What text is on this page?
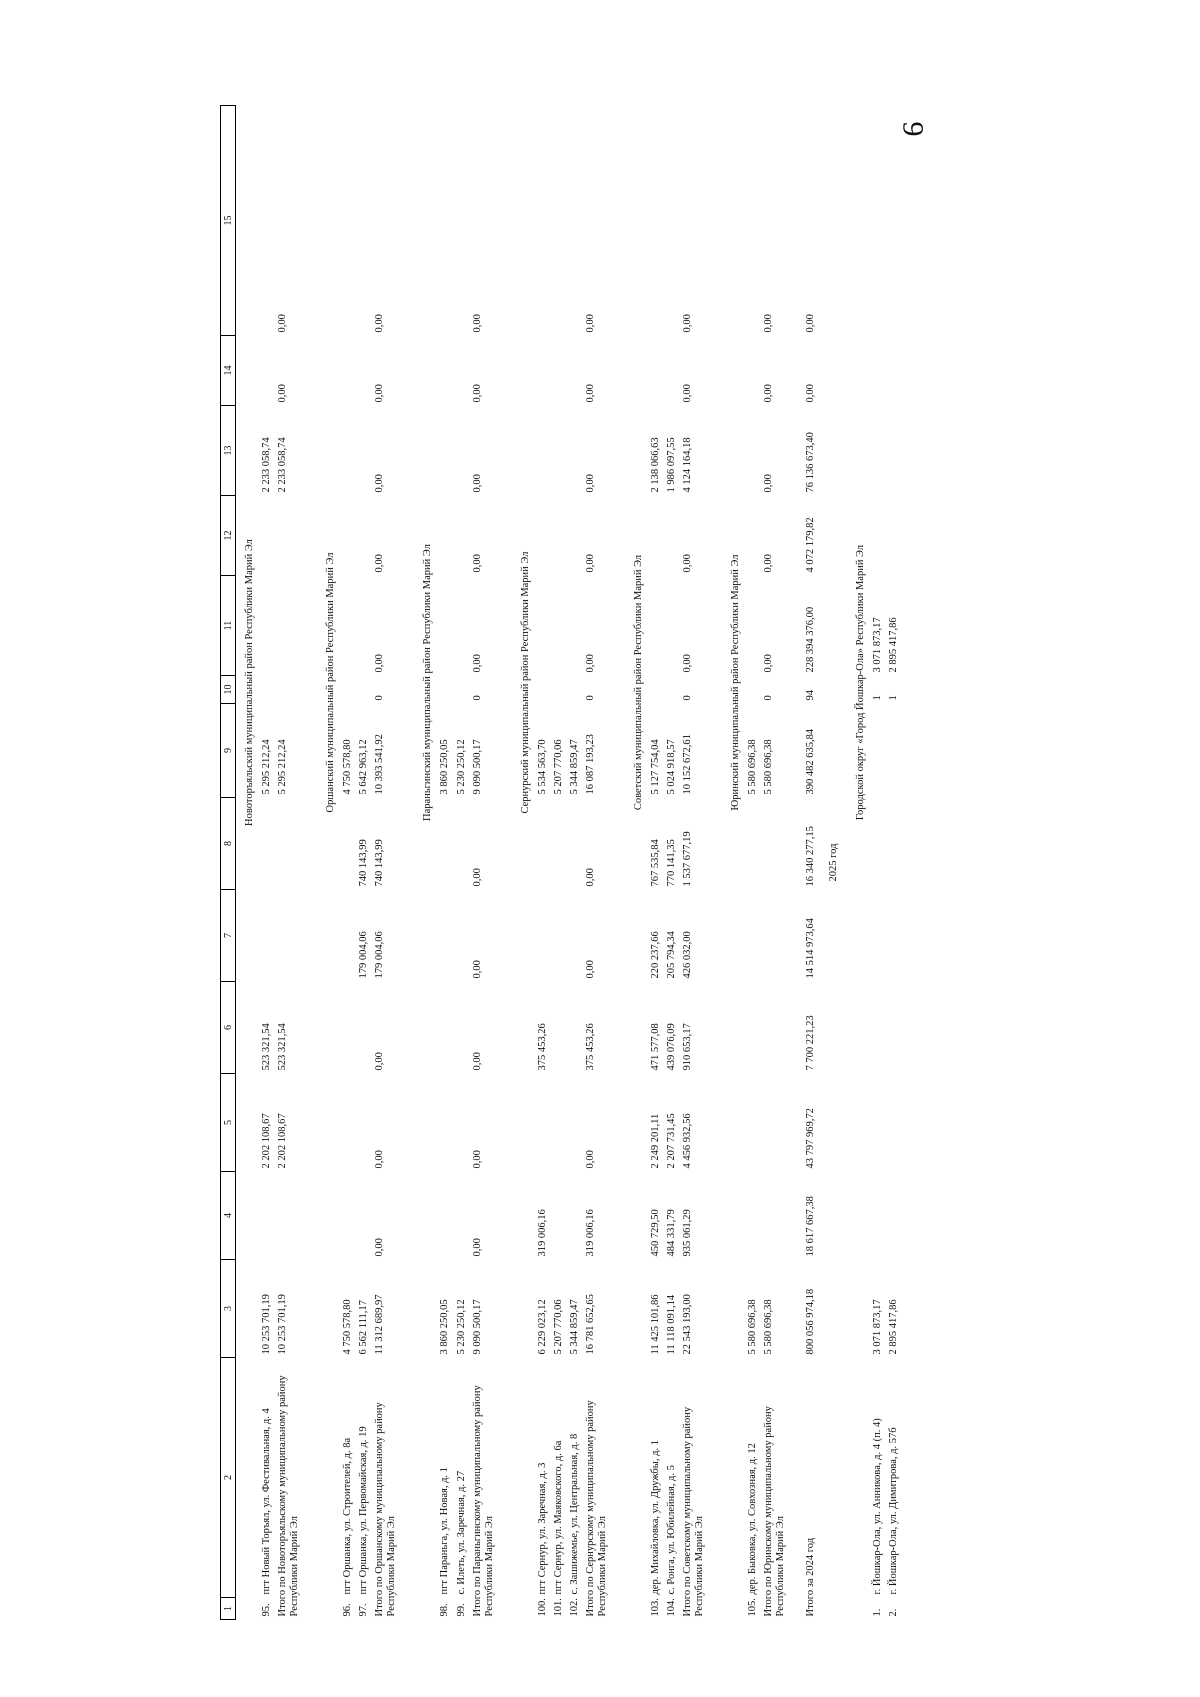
9
1	2	3	4	5	6	7	8	9	10	11	12	13	14	15	
			Новоторъяльский муниципальный район Республики Марий Эл												
95.	пгт Новый Торъял, ул. Фестивальная, д. 4	10 253 701,19		2 202 108,67	523 321,54			5 295 212,24				2 233 058,74			
Итого по Новоторъяльскому муниципальному району Республики Марий Эл		10 253 701,19		2 202 108,67	523 321,54			5 295 212,24				2 233 058,74	0,00	0,00	

			Оршанский муниципальный район Республики Марий Эл												
96.	пгт Оршанка, ул. Строителей, д. 8а	4 750 578,80						4 750 578,80							
97.	пгт Оршанка, ул. Первомайская, д. 19	6 562 111,17				179 004,06	740 143,99	5 642 963,12							
Итого по Оршанскому муниципальному району Республики Марий Эл		11 312 689,97	0,00	0,00	0,00	179 004,06	740 143,99	10 393 541,92	0	0,00	0,00	0,00	0,00	0,00	

			Параньгинский муниципальный район Республики Марий Эл												
98.	пгт Параньга, ул. Новая, д. 1	3 860 250,05						3 860 250,05							
99.	с. Илеть, ул. Заречная, д. 27	5 230 250,12						5 230 250,12							
Итого по Параньгинскому муниципальному району Республики Марий Эл		9 090 500,17	0,00	0,00	0,00	0,00	0,00	9 090 500,17	0	0,00	0,00	0,00	0,00	0,00	

			Сернурский муниципальный район Республики Марий Эл												
100.	пгт Сернур, ул. Заречная, д. 3	6 229 023,12	319 006,16		375 453,26			5 534 563,70							
101.	пгт Сернур, ул. Маяковского, д. 6а	5 207 770,06						5 207 770,06							
102.	с. Зашижемье, ул. Центральная, д. 8	5 344 859,47						5 344 859,47							
Итого по Сернурскому муниципальному району Республики Марий Эл		16 781 652,65	319 006,16	0,00	375 453,26	0,00	0,00	16 087 193,23	0	0,00	0,00	0,00	0,00	0,00	

			Советский муниципальный район Республики Марий Эл												
103.	дер. Михайловка, ул. Дружбы, д. 1	11 425 101,86	450 729,50	2 249 201,11	471 577,08	220 237,66	767 535,84	5 127 754,04				2 138 066,63			
104.	с. Ронга, ул. Юбилейная, д. 5	11 118 091,14	484 331,79	2 207 731,45	439 076,09	205 794,34	770 141,35	5 024 918,57				1 986 097,55			
Итого по Советскому муниципальному району Республики Марий Эл		22 543 193,00	935 061,29	4 456 932,56	910 653,17	426 032,00	1 537 677,19	10 152 672,61	0	0,00	0,00	4 124 164,18	0,00	0,00	

			Юринский муниципальный район Республики Марий Эл												
105.	дер. Быковка, ул. Совхозная, д. 12	5 580 696,38						5 580 696,38							
Итого по Юринскому муниципальному району Республики Марий Эл		5 580 696,38						5 580 696,38	0	0,00	0,00	0,00	0,00	0,00	

Итого за 2024 год		800 056 974,18	18 617 667,38	43 797 969,72	7 700 221,23	14 514 973,64	16 340 277,15	390 482 635,84	94	228 394 376,00	4 072 179,82	76 136 673,40	0,00	0,00	
2025 год															
			Городской округ «Город Йошкар-Ола» Республики Марий Эл												
1.	г. Йошкар-Ола, ул. Анникова, д. 4 (п. 4)	3 071 873,17							1	3 071 873,17					
2.	г. Йошкар-Ола, ул. Димитрова, д. 57б	2 895 417,86							1	2 895 417,86					
